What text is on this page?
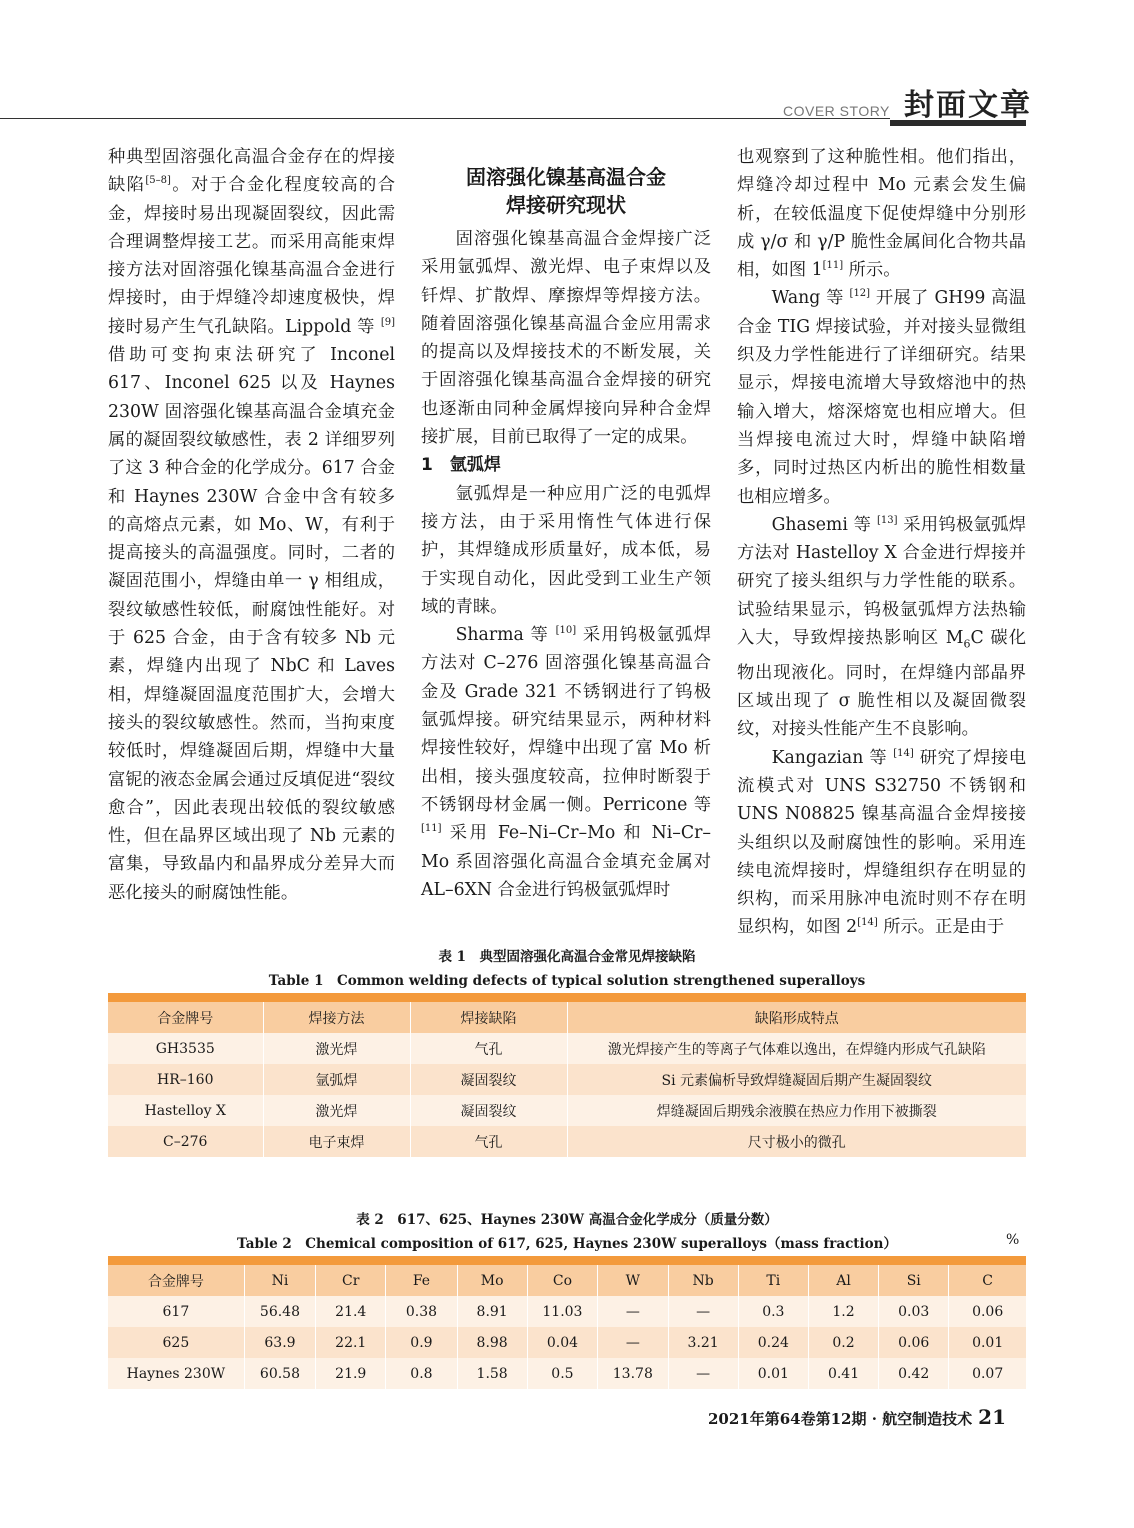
COVER STORY 封面文章

种典型固溶强化高温合金存在的焊接缺陷[5–8]。对于合金化程度较高的合金，焊接时易出现凝固裂纹，因此需合理调整焊接工艺。而采用高能束焊接方法对固溶强化镍基高温合金进行焊接时，由于焊缝冷却速度极快，焊接时易产生气孔缺陷。Lippold 等 [9] 借助可变拘束法研究了 Inconel 617、Inconel 625 以及 Haynes 230W 固溶强化镍基高温合金填充金属的凝固裂纹敏感性，表 2 详细罗列了这 3 种合金的化学成分。617 合金和 Haynes 230W 合金中含有较多的高熔点元素，如 Mo、W，有利于提高接头的高温强度。同时，二者的凝固范围小，焊缝由单一 γ 相组成，裂纹敏感性较低，耐腐蚀性能好。对于 625 合金，由于含有较多 Nb 元素，焊缝内出现了 NbC 和 Laves 相，焊缝凝固温度范围扩大，会增大接头的裂纹敏感性。然而，当拘束度较低时，焊缝凝固后期，焊缝中大量富铌的液态金属会通过反填促进“裂纹愈合”，因此表现出较低的裂纹敏感性，但在晶界区域出现了 Nb 元素的富集，导致晶内和晶界成分差异大而恶化接头的耐腐蚀性能。

固溶强化镍基高温合金
焊接研究现状

固溶强化镍基高温合金焊接广泛采用氩弧焊、激光焊、电子束焊以及钎焊、扩散焊、摩擦焊等焊接方法。随着固溶强化镍基高温合金应用需求的提高以及焊接技术的不断发展，关于固溶强化镍基高温合金焊接的研究也逐渐由同种金属焊接向异种合金焊接扩展，目前已取得了一定的成果。

1　氩弧焊

氩弧焊是一种应用广泛的电弧焊接方法，由于采用惰性气体进行保护，其焊缝成形质量好，成本低，易于实现自动化，因此受到工业生产领域的青睐。

Sharma 等 [10] 采用钨极氩弧焊方法对 C–276 固溶强化镍基高温合金及 Grade 321 不锈钢进行了钨极氩弧焊接。研究结果显示，两种材料焊接性较好，焊缝中出现了富 Mo 析出相，接头强度较高，拉伸时断裂于不锈钢母材金属一侧。Perricone 等 [11] 采用 Fe–Ni–Cr–Mo 和 Ni–Cr–Mo 系固溶强化高温合金填充金属对 AL–6XN 合金进行钨极氩弧焊时

也观察到了这种脆性相。他们指出，焊缝冷却过程中 Mo 元素会发生偏析，在较低温度下促使焊缝中分别形成 γ/σ 和 γ/P 脆性金属间化合物共晶相，如图 1[11] 所示。

Wang 等 [12] 开展了 GH99 高温合金 TIG 焊接试验，并对接头显微组织及力学性能进行了详细研究。结果显示，焊接电流增大导致熔池中的热输入增大，熔深熔宽也相应增大。但当焊接电流过大时，焊缝中缺陷增多，同时过热区内析出的脆性相数量也相应增多。

Ghasemi 等 [13] 采用钨极氩弧焊方法对 Hastelloy X 合金进行焊接并研究了接头组织与力学性能的联系。试验结果显示，钨极氩弧焊方法热输入大，导致焊接热影响区 $M_6C$ 碳化物出现液化。同时，在焊缝内部晶界区域出现了 σ 脆性相以及凝固微裂纹，对接头性能产生不良影响。

Kangazian 等 [14] 研究了焊接电流模式对 UNS S32750 不锈钢和 UNS N08825 镍基高温合金焊接接头组织以及耐腐蚀性的影响。采用连续电流焊接时，焊缝组织存在明显的织构，而采用脉冲电流时则不存在明显织构，如图 2[14] 所示。正是由于

表 1　典型固溶强化高温合金常见焊接缺陷
Table 1　Common welding defects of typical solution strengthened superalloys

合金牌号	焊接方法	焊接缺陷	缺陷形成特点
GH3535	激光焊	气孔	激光焊接产生的等离子气体难以逸出，在焊缝内形成气孔缺陷
HR–160	氩弧焊	凝固裂纹	Si 元素偏析导致焊缝凝固后期产生凝固裂纹
Hastelloy X	激光焊	凝固裂纹	焊缝凝固后期残余液膜在热应力作用下被撕裂
C–276	电子束焊	气孔	尺寸极小的微孔
表 2　617、625、Haynes 230W 高温合金化学成分（质量分数）
Table 2　Chemical composition of 617, 625, Haynes 230W superalloys（mass fraction）	%

合金牌号	Ni	Cr	Fe	Mo	Co	W	Nb	Ti	Al	Si	C
617	56.48	21.4	0.38	8.91	11.03	—	—	0.3	1.2	0.03	0.06
625	63.9	22.1	0.9	8.98	0.04	—	3.21	0.24	0.2	0.06	0.01
Haynes 230W	60.58	21.9	0.8	1.58	0.5	13.78	—	0.01	0.41	0.42	0.07
2021年第64卷第12期 · 航空制造技术 21
